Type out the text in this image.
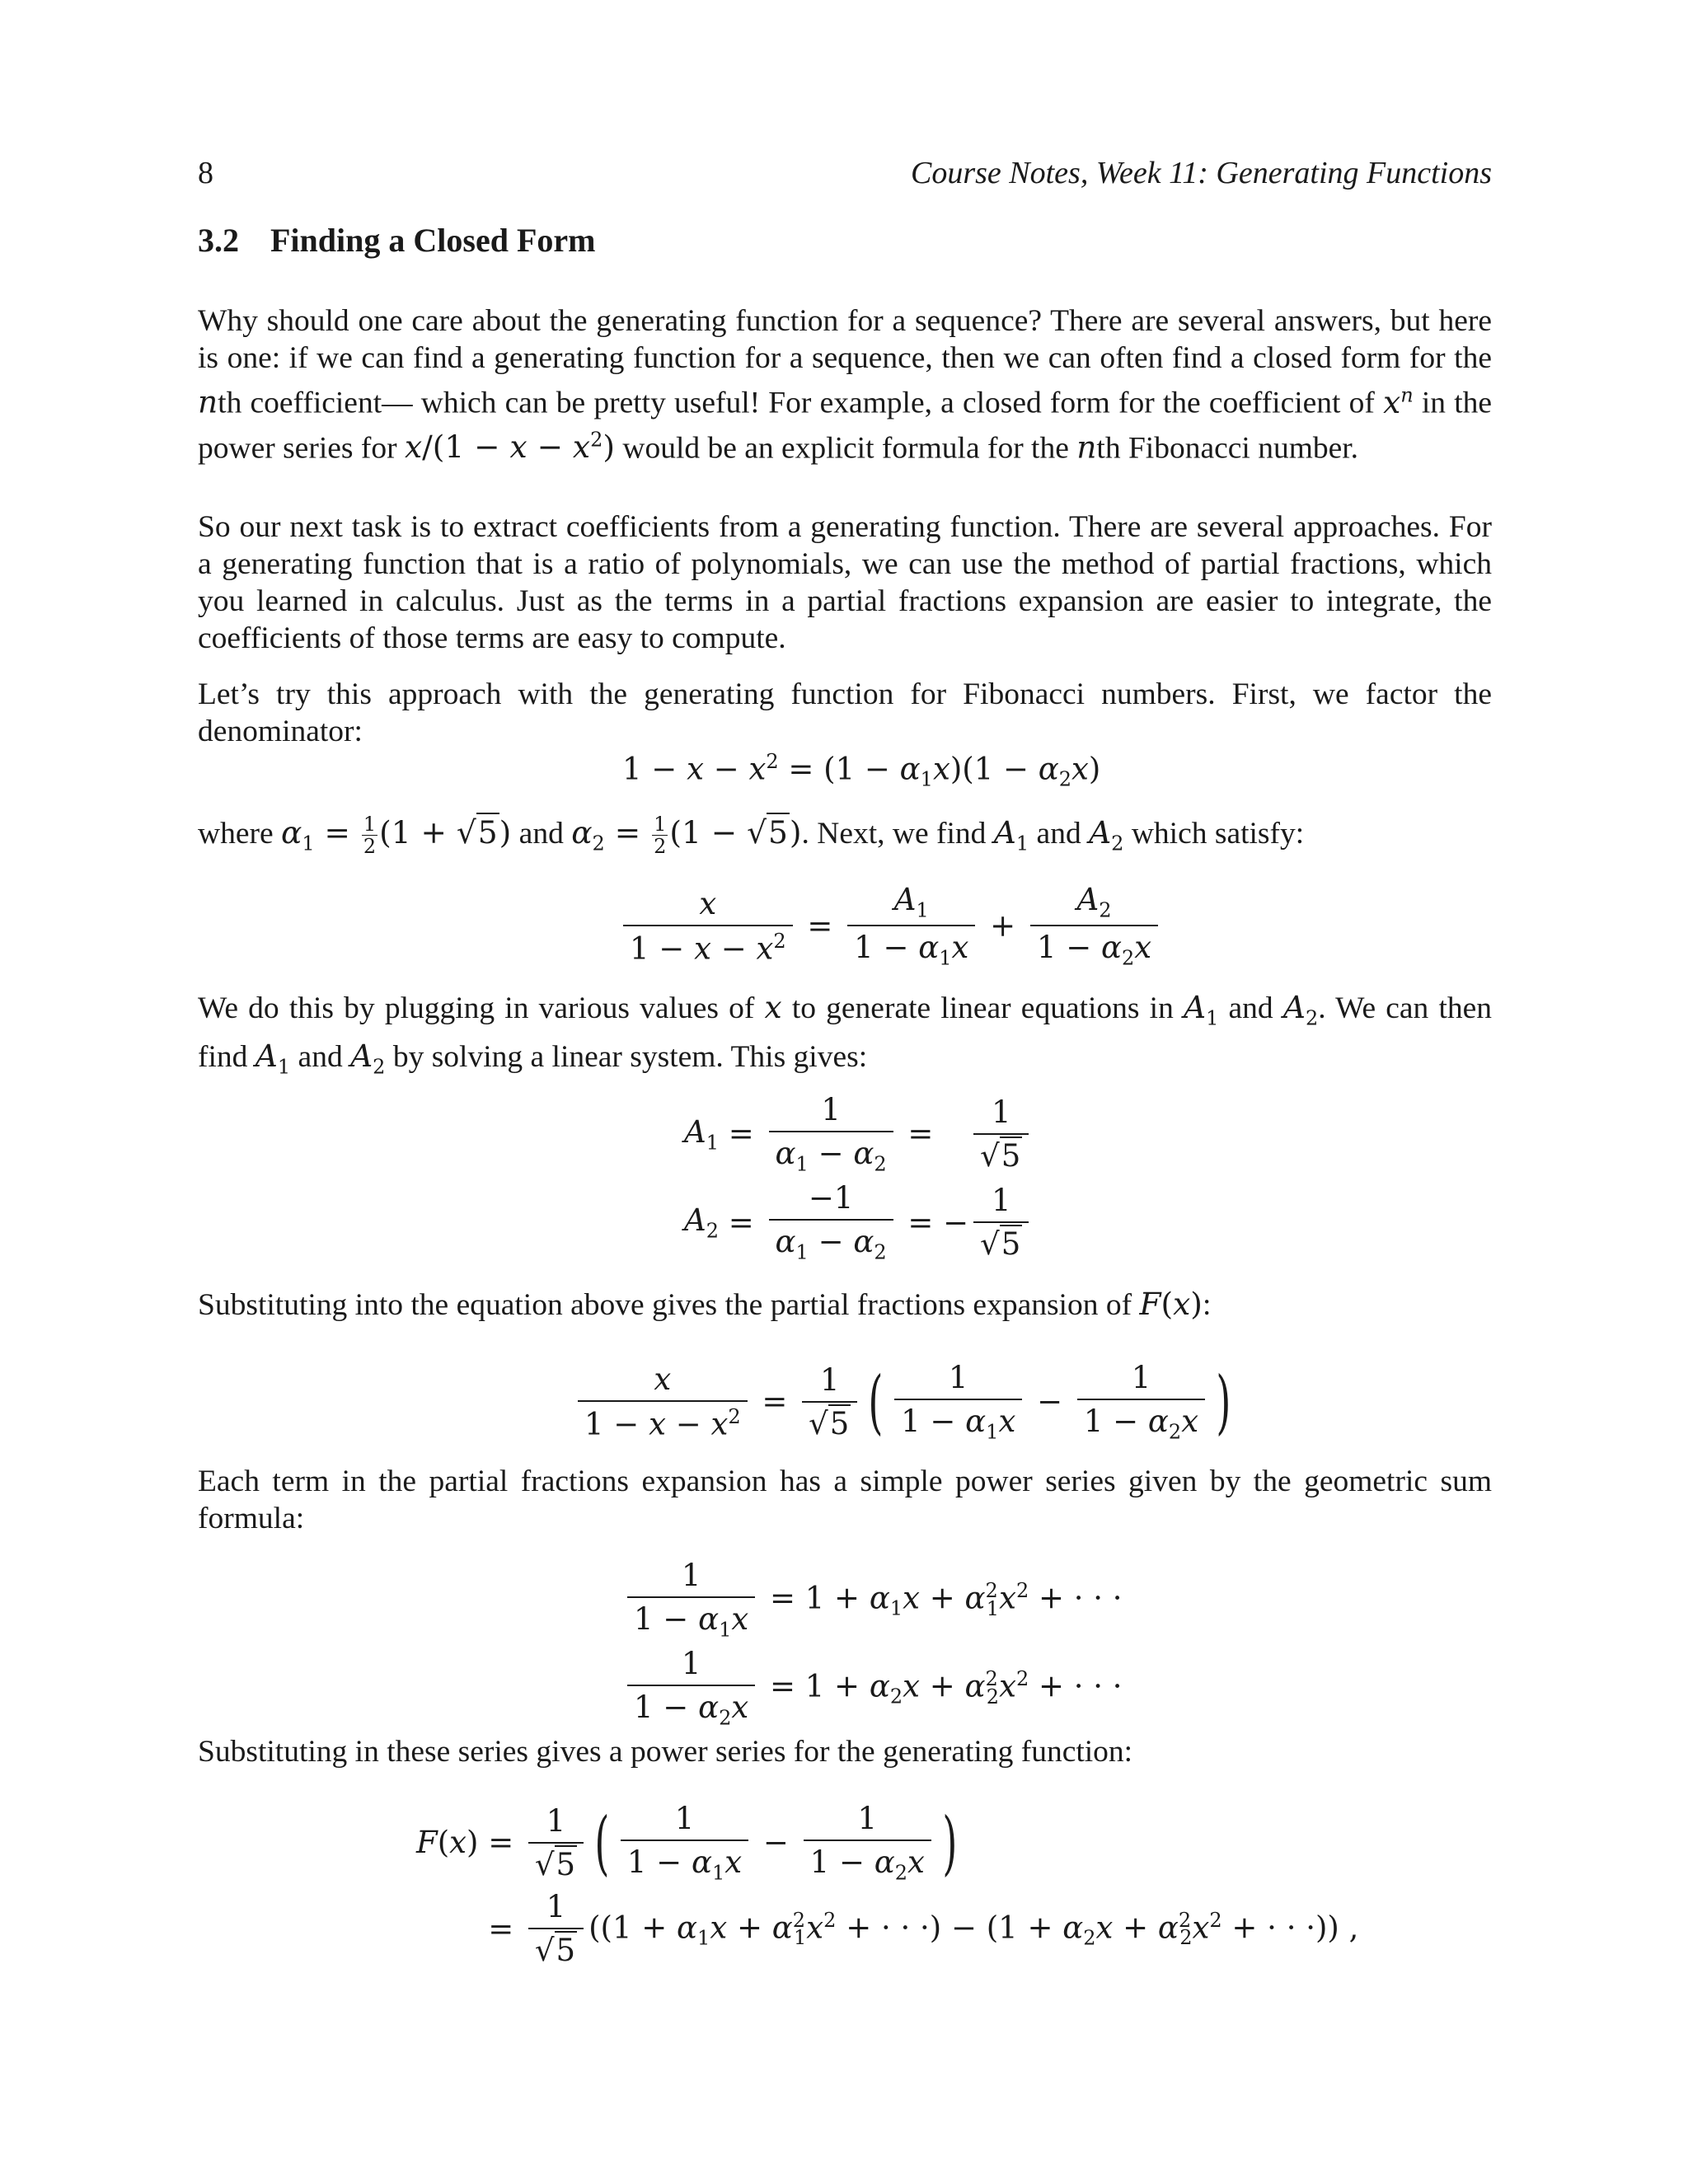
8	Course Notes, Week 11: Generating Functions
3.2 Finding a Closed Form
Why should one care about the generating function for a sequence? There are several answers, but here is one: if we can find a generating function for a sequence, then we can often find a closed form for the nth coefficient— which can be pretty useful! For example, a closed form for the coefficient of $x^n$ in the power series for $x/(1 - x - x^2)$ would be an explicit formula for the nth Fibonacci number.
So our next task is to extract coefficients from a generating function. There are several approaches. For a generating function that is a ratio of polynomials, we can use the method of partial fractions, which you learned in calculus. Just as the terms in a partial fractions expansion are easier to integrate, the coefficients of those terms are easy to compute.
Let’s try this approach with the generating function for Fibonacci numbers. First, we factor the denominator:
$1 - x - x^2 = (1 - \alpha_1x)(1 - \alpha_2x)$
where $\alpha_1 = \frac{1}{2} (1 + √5)$ and $\alpha_2 = \frac{1}{2} (1 - √5)$. Next, we find $A_1$ and $A_2$ which satisfy:
$\frac{x}{1 - x - x^2} = \frac{A_1}{1 - \alpha_1x} + \frac{A_2}{1 - \alpha_2x}$
We do this by plugging in various values of x to generate linear equations in $A_1$ and $A_2$. We can then find $A_1$ and $A_2$ by solving a linear system. This gives:
$A_1 = \frac{1}{\alpha_1 - \alpha_2}$ =	$\frac{1}{√5}$
$A_2 = \frac{-1}{\alpha_1 - \alpha_2}$ = − $\frac{1}{√5}$
Substituting into the equation above gives the partial fractions expansion of F(x):
$\frac{x}{1 - x - x^2} = \frac{1}{√5}$ ( $\frac{1}{1 - \alpha_1x} - \frac{1}{1 - \alpha_2x}$ )
Each term in the partial fractions expansion has a simple power series given by the geometric sum formula:
$\frac{1}{1 - \alpha_1x} = 1 + \alpha_1x + \alpha^2_1x^2$ + · · ·
$\frac{1}{1 - \alpha_2x} = 1 + \alpha_2x + \alpha^2_2x^2$ + · · ·
Substituting in these series gives a power series for the generating function:
$F(x) = \frac{1}{√5}$ ( $\frac{1}{1 - \alpha_1x} - \frac{1}{1 - \alpha_2x}$ )
= $\frac{1}{√5} ((1 + \alpha_1x + \alpha^2_1x^2$ + · · ·) − ($1 + \alpha_2x + \alpha^2_2x^2$ + · · ·)) ,
